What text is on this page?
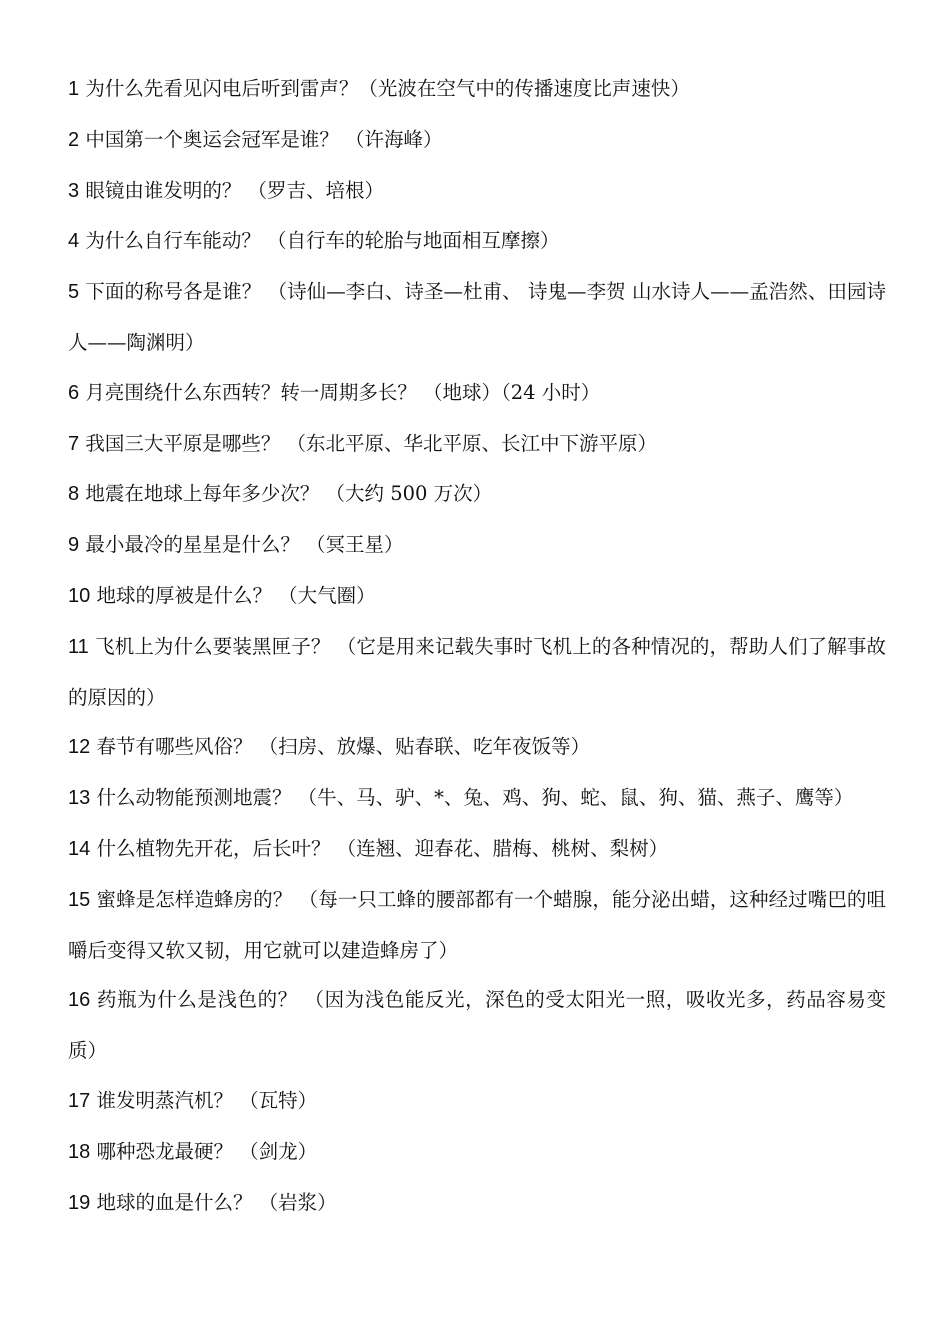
1 为什么先看见闪电后听到雷声？（光波在空气中的传播速度比声速快）

2 中国第一个奥运会冠军是谁？ （许海峰）

3 眼镜由谁发明的？ （罗吉、培根）

4 为什么自行车能动？ （自行车的轮胎与地面相互摩擦）

5 下面的称号各是谁？ （诗仙—李白、诗圣—杜甫、 诗鬼—李贺 山水诗人——孟浩然、田园诗人——陶渊明）

6 月亮围绕什么东西转？转一周期多长？ （地球）（24 小时）

7 我国三大平原是哪些？ （东北平原、华北平原、长江中下游平原）

8 地震在地球上每年多少次？ （大约 500 万次）

9 最小最冷的星星是什么？ （冥王星）

10 地球的厚被是什么？ （大气圈）

11 飞机上为什么要装黑匣子？ （它是用来记载失事时飞机上的各种情况的，帮助人们了解事故的原因的）

12 春节有哪些风俗？ （扫房、放爆、贴春联、吃年夜饭等）

13 什么动物能预测地震？ （牛、马、驴、*、兔、鸡、狗、蛇、鼠、狗、猫、燕子、鹰等）

14 什么植物先开花，后长叶？ （连翘、迎春花、腊梅、桃树、梨树）

15 蜜蜂是怎样造蜂房的？ （每一只工蜂的腰部都有一个蜡腺，能分泌出蜡，这种经过嘴巴的咀嚼后变得又软又韧，用它就可以建造蜂房了）

16 药瓶为什么是浅色的？ （因为浅色能反光，深色的受太阳光一照，吸收光多，药品容易变质）

17 谁发明蒸汽机？ （瓦特）

18 哪种恐龙最硬？ （剑龙）

19 地球的血是什么？ （岩浆）
